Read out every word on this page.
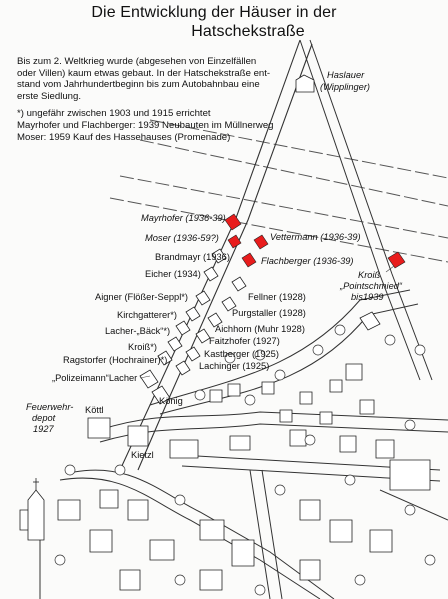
Die Entwicklung der Häuser in der
Hatschekstraße

Bis zum 2. Weltkrieg wurde (abgesehen von Einzelfällen
oder Villen) kaum etwas gebaut. In der Hatschekstraße ent-
stand vom Jahrhundertbeginn bis zum Autobahnbau eine
erste Siedlung.

*) ungefähr zwischen 1903 und 1915 errichtet
Mayrhofer und Flachberger: 1939 Neubauten im Müllnerweg
Moser: 1959 Kauf des Hassehauses (Promenade)

Haslauer
(Wipplinger)
Mayrhofer (1936-39)
Moser (1936-59?)	Vettermann (1936-39)
Brandmayr (1936)	Flachberger (1936-39)
Kroiß
„Pointschmied“
bis1939
Eicher (1934)
Aigner (Flößer-Seppl*)	Fellner (1928)
Kirchgatterer*)	Purgstaller (1928)
Lacher-„Bäck“*)	Aichhorn (Muhr 1928)
Kroiß*)
Faitzhofer (1927)
Ragstorfer (Hochrainer)*)
Kastberger (1925)
Lachinger (1925)
„Polizeimann“Lacher
König
Feuerwehr-
depot
1927
Köttl
Kietzl
